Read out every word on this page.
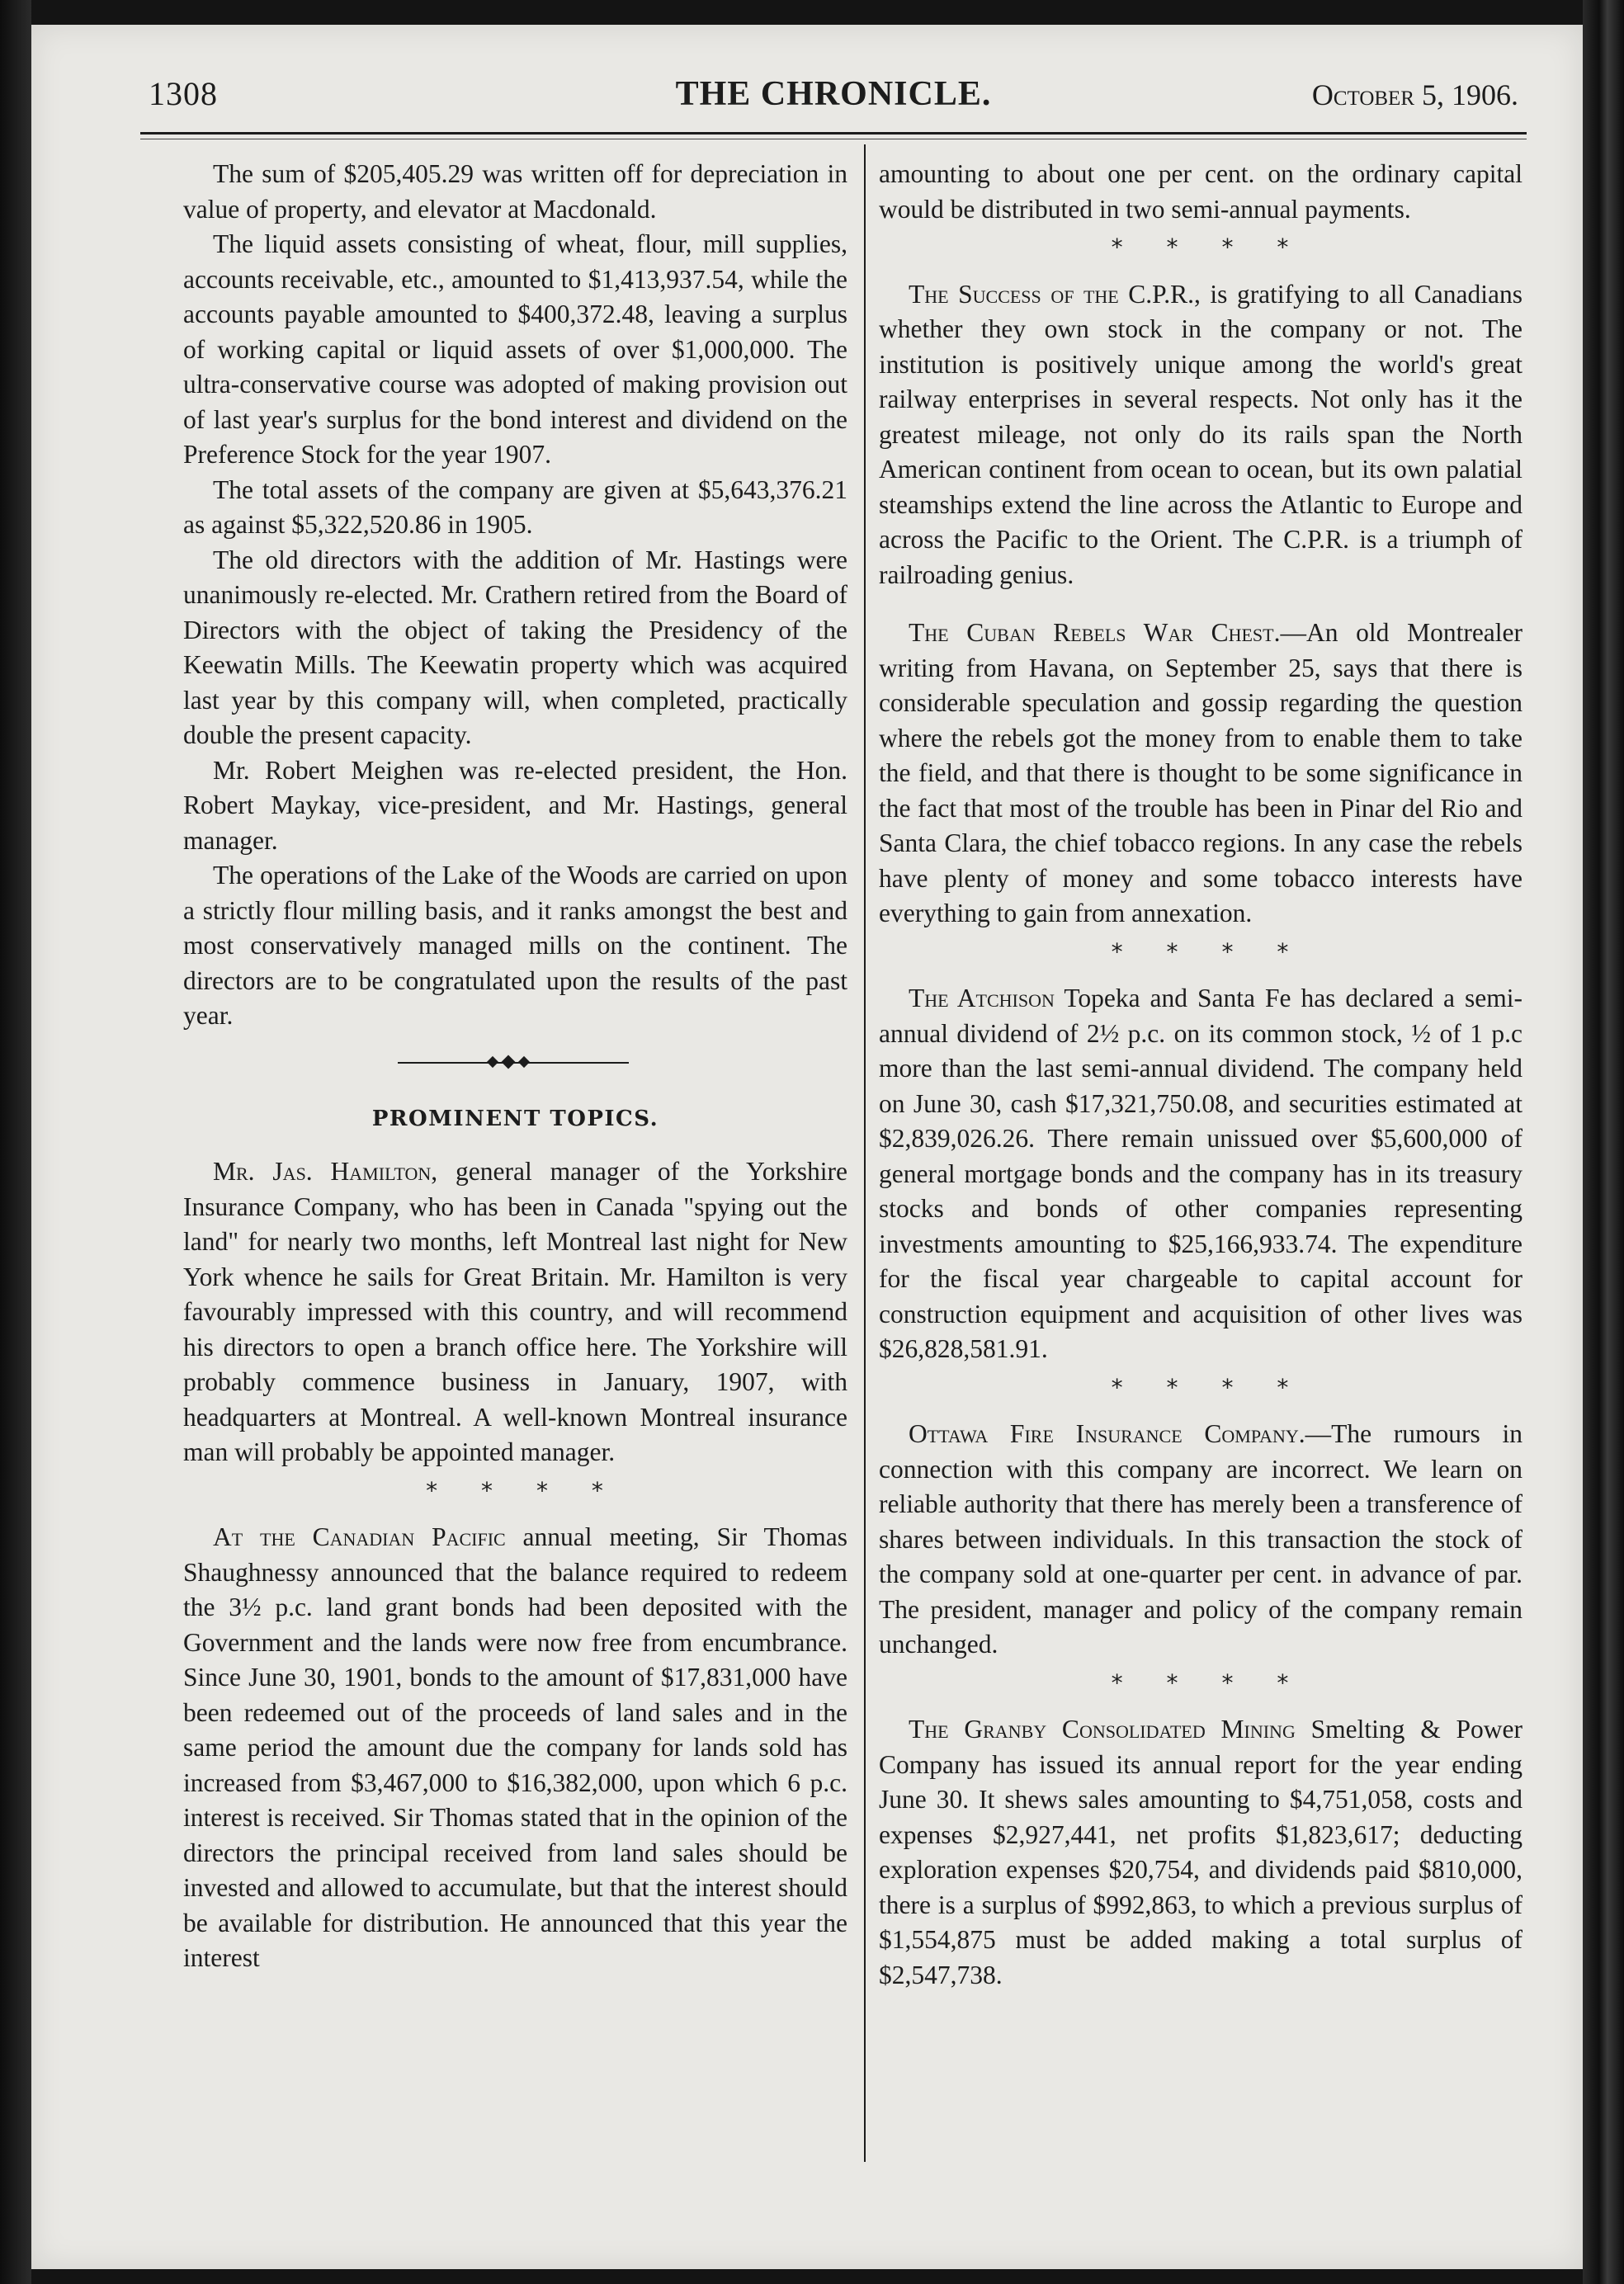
THE CHRONICLE.
1308	October 5, 1906.

The sum of $205,405.29 was written off for depreciation in value of property, and elevator at Macdonald.

The liquid assets consisting of wheat, flour, mill supplies, accounts receivable, etc., amounted to $1,413,937.54, while the accounts payable amounted to $400,372.48, leaving a surplus of working capital or liquid assets of over $1,000,000. The ultra-conservative course was adopted of making provision out of last year's surplus for the bond interest and dividend on the Preference Stock for the year 1907.

The total assets of the company are given at $5,643,376.21 as against $5,322,520.86 in 1905.

The old directors with the addition of Mr. Hastings were unanimously re-elected. Mr. Crathern retired from the Board of Directors with the object of taking the Presidency of the Keewatin Mills. The Keewatin property which was acquired last year by this company will, when completed, practically double the present capacity.

Mr. Robert Meighen was re-elected president, the Hon. Robert Maykay, vice-president, and Mr. Hastings, general manager.

The operations of the Lake of the Woods are carried on upon a strictly flour milling basis, and it ranks amongst the best and most conservatively managed mills on the continent. The directors are to be congratulated upon the results of the past year.

PROMINENT TOPICS.

Mr. Jas. Hamilton, general manager of the Yorkshire Insurance Company, who has been in Canada "spying out the land" for nearly two months, left Montreal last night for New York whence he sails for Great Britain. Mr. Hamilton is very favourably impressed with this country, and will recommend his directors to open a branch office here. The Yorkshire will probably commence business in January, 1907, with headquarters at Montreal. A well-known Montreal insurance man will probably be appointed manager.

* * * *

At the Canadian Pacific annual meeting, Sir Thomas Shaughnessy announced that the balance required to redeem the 3½ p.c. land grant bonds had been deposited with the Government and the lands were now free from encumbrance. Since June 30, 1901, bonds to the amount of $17,831,000 have been redeemed out of the proceeds of land sales and in the same period the amount due the company for lands sold has increased from $3,467,000 to $16,382,000, upon which 6 p.c. interest is received. Sir Thomas stated that in the opinion of the directors the principal received from land sales should be invested and allowed to accumulate, but that the interest should be available for distribution. He announced that this year the interest

amounting to about one per cent. on the ordinary capital would be distributed in two semi-annual payments.

* * * *

The Success of the C.P.R., is gratifying to all Canadians whether they own stock in the company or not. The institution is positively unique among the world's great railway enterprises in several respects. Not only has it the greatest mileage, not only do its rails span the North American continent from ocean to ocean, but its own palatial steamships extend the line across the Atlantic to Europe and across the Pacific to the Orient. The C.P.R. is a triumph of railroading genius.

The Cuban Rebels War Chest.—An old Montrealer writing from Havana, on September 25, says that there is considerable speculation and gossip regarding the question where the rebels got the money from to enable them to take the field, and that there is thought to be some significance in the fact that most of the trouble has been in Pinar del Rio and Santa Clara, the chief tobacco regions. In any case the rebels have plenty of money and some tobacco interests have everything to gain from annexation.

* * * *

The Atchison Topeka and Santa Fe has declared a semi-annual dividend of 2½ p.c. on its common stock, ½ of 1 p.c more than the last semi-annual dividend. The company held on June 30, cash $17,321,750.08, and securities estimated at $2,839,026.26. There remain unissued over $5,600,000 of general mortgage bonds and the company has in its treasury stocks and bonds of other companies representing investments amounting to $25,166,933.74. The expenditure for the fiscal year chargeable to capital account for construction equipment and acquisition of other lives was $26,828,581.91.

* * * *

Ottawa Fire Insurance Company.—The rumours in connection with this company are incorrect. We learn on reliable authority that there has merely been a transference of shares between individuals. In this transaction the stock of the company sold at one-quarter per cent. in advance of par. The president, manager and policy of the company remain unchanged.

* * * *

The Granby Consolidated Mining Smelting & Power Company has issued its annual report for the year ending June 30. It shews sales amounting to $4,751,058, costs and expenses $2,927,441, net profits $1,823,617; deducting exploration expenses $20,754, and dividends paid $810,000, there is a surplus of $992,863, to which a previous surplus of $1,554,875 must be added making a total surplus of $2,547,738.
